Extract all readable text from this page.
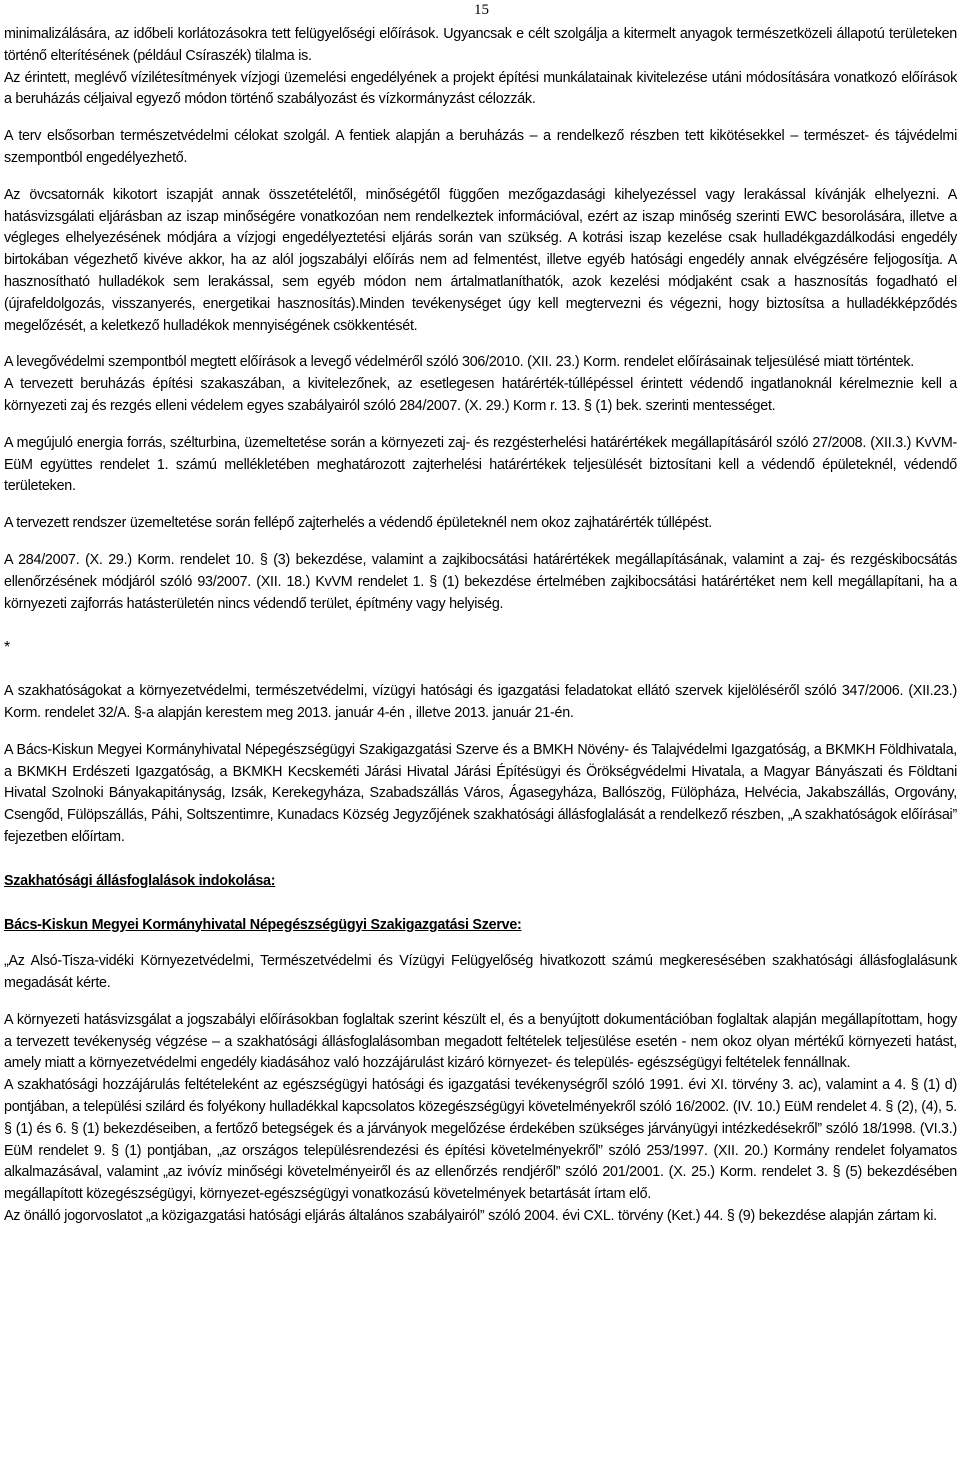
15

minimalizálására, az időbeli korlátozásokra tett felügyelőségi előírások. Ugyancsak e célt szolgálja a kitermelt anyagok természetközeli állapotú területeken történő elterítésének (például Csíraszék) tilalma is.

Az érintett, meglévő vízilétesítmények vízjogi üzemelési engedélyének a projekt építési munkálatainak kivitelezése utáni módosítására vonatkozó előírások a beruházás céljaival egyező módon történő szabályozást és vízkormányzást célozzák.

A terv elsősorban természetvédelmi célokat szolgál. A fentiek alapján a beruházás – a rendelkező részben tett kikötésekkel – természet- és tájvédelmi szempontból engedélyezhető.

Az övcsatornák kikotort iszapját annak összetételétől, minőségétől függően mezőgazdasági kihelyezéssel vagy lerakással kívánják elhelyezni. A hatásvizsgálati eljárásban az iszap minőségére vonatkozóan nem rendelkeztek információval, ezért az iszap minőség szerinti EWC besorolására, illetve a végleges elhelyezésének módjára a vízjogi engedélyeztetési eljárás során van szükség. A kotrási iszap kezelése csak hulladékgazdálkodási engedély birtokában végezhető kivéve akkor, ha az alól jogszabályi előírás nem ad felmentést, illetve egyéb hatósági engedély annak elvégzésére feljogosítja. A hasznosítható hulladékok sem lerakással, sem egyéb módon nem ártalmatlaníthatók, azok kezelési módjaként csak a hasznosítás fogadható el (újrafeldolgozás, visszanyerés, energetikai hasznosítás).Minden tevékenységet úgy kell megtervezni és végezni, hogy biztosítsa a hulladékképződés megelőzését, a keletkező hulladékok mennyiségének csökkentését.

A levegővédelmi szempontból megtett előírások a levegő védelméről szóló 306/2010. (XII. 23.) Korm. rendelet előírásainak teljesülésé miatt történtek.

A tervezett beruházás építési szakaszában, a kivitelezőnek, az esetlegesen határérték-túllépéssel érintett védendő ingatlanoknál kérelmeznie kell a környezeti zaj és rezgés elleni védelem egyes szabályairól szóló 284/2007. (X. 29.) Korm r. 13. § (1) bek. szerinti mentességet.

A megújuló energia forrás, szélturbina, üzemeltetése során a környezeti zaj- és rezgésterhelési határértékek megállapításáról szóló 27/2008. (XII.3.) KvVM-EüM együttes rendelet 1. számú mellékletében meghatározott zajterhelési határértékek teljesülését biztosítani kell a védendő épületeknél, védendő területeken.

A tervezett rendszer üzemeltetése során fellépő zajterhelés a védendő épületeknél nem okoz zajhatárérték túllépést.

A 284/2007. (X. 29.) Korm. rendelet 10. § (3) bekezdése, valamint a zajkibocsátási határértékek megállapításának, valamint a zaj- és rezgéskibocsátás ellenőrzésének módjáról szóló 93/2007. (XII. 18.) KvVM rendelet 1. § (1) bekezdése értelmében zajkibocsátási határértéket nem kell megállapítani, ha a környezeti zajforrás hatásterületén nincs védendő terület, építmény vagy helyiség.

*

A szakhatóságokat a környezetvédelmi, természetvédelmi, vízügyi hatósági és igazgatási feladatokat ellátó szervek kijelöléséről szóló 347/2006. (XII.23.) Korm. rendelet 32/A. §-a alapján kerestem meg 2013. január 4-én , illetve 2013. január 21-én.

A Bács-Kiskun Megyei Kormányhivatal Népegészségügyi Szakigazgatási Szerve és a BMKH Növény- és Talajvédelmi Igazgatóság, a BKMKH Földhivatala, a BKMKH Erdészeti Igazgatóság, a BKMKH Kecskeméti Járási Hivatal Járási Építésügyi és Örökségvédelmi Hivatala, a Magyar Bányászati és Földtani Hivatal Szolnoki Bányakapitányság, Izsák, Kerekegyháza, Szabadszállás Város, Ágasegyháza, Ballószög, Fülöpháza, Helvécia, Jakabszállás, Orgovány, Csengőd, Fülöpszállás, Páhi, Soltszentimre, Kunadacs Község Jegyzőjének szakhatósági állásfoglalását a rendelkező részben, „A szakhatóságok előírásai” fejezetben előírtam.

Szakhatósági állásfoglalások indokolása:

Bács-Kiskun Megyei Kormányhivatal Népegészségügyi Szakigazgatási Szerve:

„Az Alsó-Tisza-vidéki Környezetvédelmi, Természetvédelmi és Vízügyi Felügyelőség hivatkozott számú megkeresésében szakhatósági állásfoglalásunk megadását kérte.

A környezeti hatásvizsgálat a jogszabályi előírásokban foglaltak szerint készült el, és a benyújtott dokumentációban foglaltak alapján megállapítottam, hogy a tervezett tevékenység végzése – a szakhatósági állásfoglalásomban megadott feltételek teljesülése esetén - nem okoz olyan mértékű környezeti hatást, amely miatt a környezetvédelmi engedély kiadásához való hozzájárulást kizáró környezet- és település- egészségügyi feltételek fennállnak.

A szakhatósági hozzájárulás feltételeként az egészségügyi hatósági és igazgatási tevékenységről szóló 1991. évi XI. törvény 3. ac), valamint a 4. § (1) d) pontjában, a települési szilárd és folyékony hulladékkal kapcsolatos közegészségügyi követelményekről szóló 16/2002. (IV. 10.) EüM rendelet 4. § (2), (4), 5. § (1) és 6. § (1) bekezdéseiben, a fertőző betegségek és a járványok megelőzése érdekében szükséges járványügyi intézkedésekről” szóló 18/1998. (VI.3.) EüM rendelet 9. § (1) pontjában, „az országos településrendezési és építési követelményekről” szóló 253/1997. (XII. 20.) Kormány rendelet folyamatos alkalmazásával, valamint „az ivóvíz minőségi követelményeiről és az ellenőrzés rendjéről” szóló 201/2001. (X. 25.) Korm. rendelet 3. § (5) bekezdésében megállapított közegészségügyi, környezet-egészségügyi vonatkozású követelmények betartását írtam elő.

Az önálló jogorvoslatot „a közigazgatási hatósági eljárás általános szabályairól” szóló 2004. évi CXL. törvény (Ket.) 44. § (9) bekezdése alapján zártam ki.
